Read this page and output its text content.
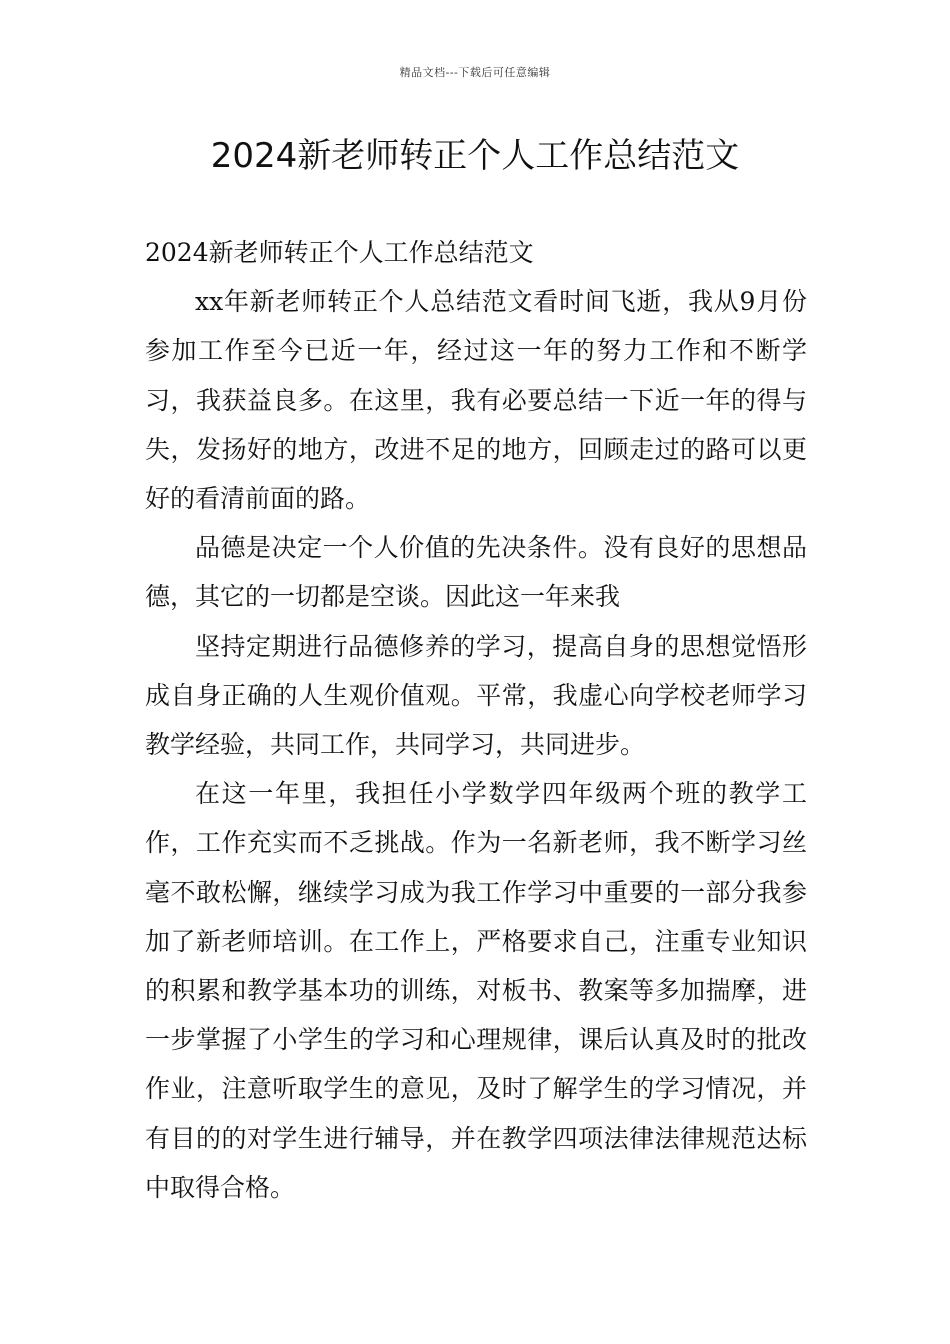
精品文档---下载后可任意编辑
2024新老师转正个人工作总结范文

2024新老师转正个人工作总结范文

xx年新老师转正个人总结范文看时间飞逝，我从9月份参加工作至今已近一年，经过这一年的努力工作和不断学习，我获益良多。在这里，我有必要总结一下近一年的得与失，发扬好的地方，改进不足的地方，回顾走过的路可以更好的看清前面的路。

品德是决定一个人价值的先决条件。没有良好的思想品德，其它的一切都是空谈。因此这一年来我

坚持定期进行品德修养的学习，提高自身的思想觉悟形成自身正确的人生观价值观。平常，我虚心向学校老师学习教学经验，共同工作，共同学习，共同进步。

在这一年里，我担任小学数学四年级两个班的教学工作，工作充实而不乏挑战。作为一名新老师，我不断学习丝毫不敢松懈，继续学习成为我工作学习中重要的一部分我参加了新老师培训。在工作上，严格要求自己，注重专业知识的积累和教学基本功的训练，对板书、教案等多加揣摩，进一步掌握了小学生的学习和心理规律，课后认真及时的批改作业，注意听取学生的意见，及时了解学生的学习情况，并有目的的对学生进行辅导，并在教学四项法律法律规范达标中取得合格。
